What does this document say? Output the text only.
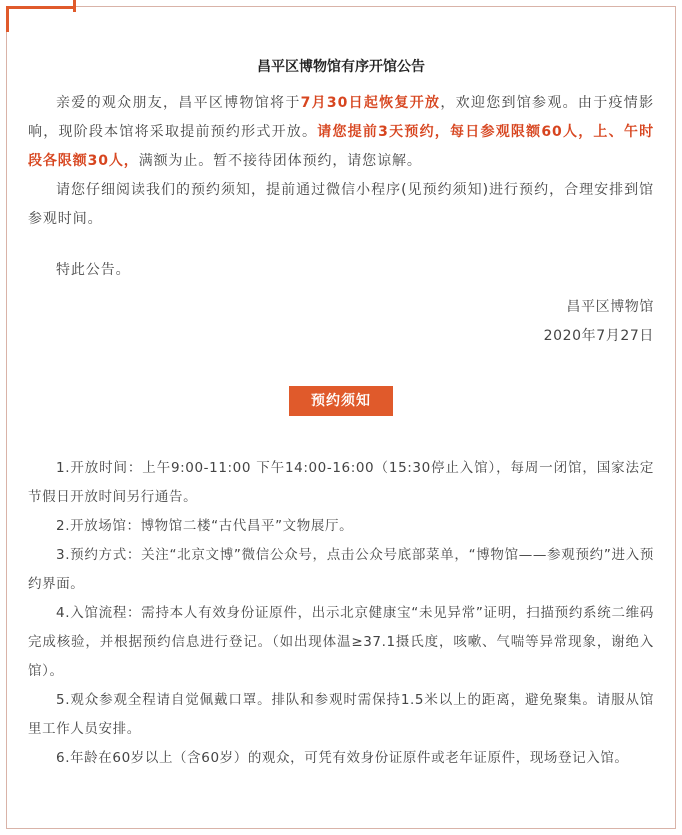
昌平区博物馆有序开馆公告

亲爱的观众朋友，昌平区博物馆将于7月30日起恢复开放，欢迎您到馆参观。由于疫情影响，现阶段本馆将采取提前预约形式开放。请您提前3天预约，每日参观限额60人，上、午时段各限额30人，满额为止。暂不接待团体预约，请您谅解。

请您仔细阅读我们的预约须知，提前通过微信小程序(见预约须知)进行预约，合理安排到馆参观时间。

特此公告。

昌平区博物馆
2020年7月27日
预约须知

1.开放时间：上午9:00-11:00 下午14:00-16:00（15:30停止入馆），每周一闭馆，国家法定节假日开放时间另行通告。

2.开放场馆：博物馆二楼“古代昌平”文物展厅。

3.预约方式：关注“北京文博”微信公众号，点击公众号底部菜单，“博物馆——参观预约”进入预约界面。

4.入馆流程：需持本人有效身份证原件，出示北京健康宝“未见异常”证明，扫描预约系统二维码完成核验，并根据预约信息进行登记。（如出现体温≥37.1摄氏度，咳嗽、气喘等异常现象，谢绝入馆）。

5.观众参观全程请自觉佩戴口罩。排队和参观时需保持1.5米以上的距离，避免聚集。请服从馆里工作人员安排。

6.年龄在60岁以上（含60岁）的观众，可凭有效身份证原件或老年证原件，现场登记入馆。
